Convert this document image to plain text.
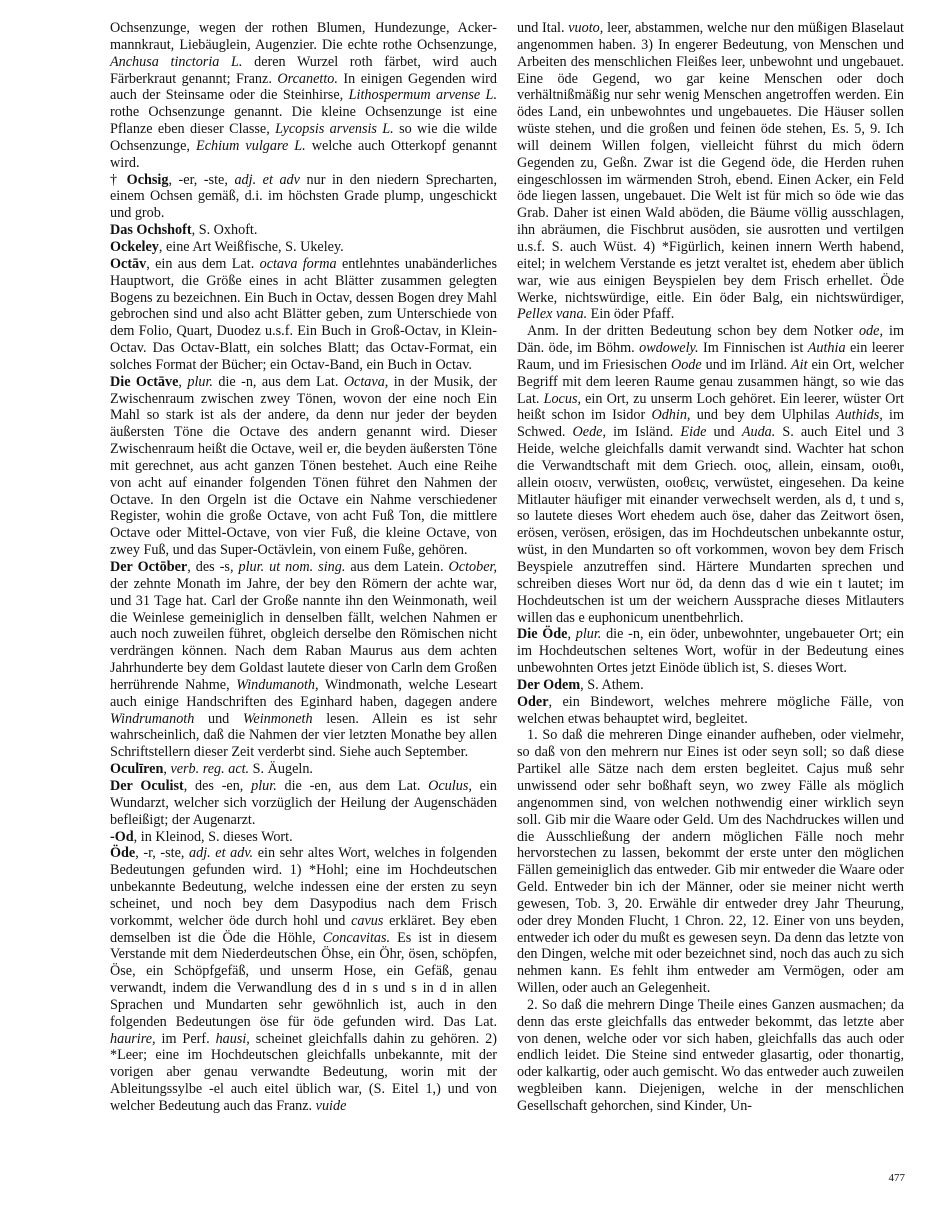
Ochsenzunge, wegen der rothen Blumen, Hundezunge, Ackermannkraut, Liebäuglein, Augenzier. Die echte rothe Ochsenzunge, Anchusa tinctoria L. deren Wurzel roth färbet, wird auch Färberkraut genannt; Franz. Orcanetto. In einigen Gegenden wird auch der Steinsame oder die Steinhirse, Lithospermum arvense L. rothe Ochsenzunge genannt. Die kleine Ochsenzunge ist eine Pflanze eben dieser Classe, Lycopsis arvensis L. so wie die wilde Ochsenzunge, Echium vulgare L. welche auch Otterkopf genannt wird.

† Ochsig, -er, -ste, adj. et adv nur in den niedern Sprecharten, einem Ochsen gemäß, d.i. im höchsten Grade plump, ungeschickt und grob.

Das Ochshoft, S. Oxhoft.

Ockeley, eine Art Weißfische, S. Ukeley.

Octāv, ein aus dem Lat. octava forma entlehntes unabänderliches Hauptwort, die Größe eines in acht Blätter zusammen gelegten Bogens zu bezeichnen. Ein Buch in Octav, dessen Bogen drey Mahl gebrochen sind und also acht Blätter geben, zum Unterschiede von dem Folio, Quart, Duodez u.s.f. Ein Buch in Groß-Octav, in Klein-Octav. Das Octav-Blatt, ein solches Blatt; das Octav-Format, ein solches Format der Bücher; ein Octav-Band, ein Buch in Octav.

Die Octāve, plur. die -n, aus dem Lat. Octava, in der Musik, der Zwischenraum zwischen zwey Tönen, wovon der eine noch Ein Mahl so stark ist als der andere, da denn nur jeder der beyden äußersten Töne die Octave des andern genannt wird. Dieser Zwischenraum heißt die Octave, weil er, die beyden äußersten Töne mit gerechnet, aus acht ganzen Tönen bestehet. Auch eine Reihe von acht auf einander folgenden Tönen führet den Nahmen der Octave. In den Orgeln ist die Octave ein Nahme verschiedener Register, wohin die große Octave, von acht Fuß Ton, die mittlere Octave oder Mittel-Octave, von vier Fuß, die kleine Octave, von zwey Fuß, und das Super-Octävlein, von einem Fuße, gehören.

Der Octōber, des -s, plur. ut nom. sing. aus dem Latein. October, der zehnte Monath im Jahre, der bey den Römern der achte war, und 31 Tage hat. Carl der Große nannte ihn den Weinmonath, weil die Weinlese gemeiniglich in denselben fällt, welchen Nahmen er auch noch zuweilen führet, obgleich derselbe den Römischen nicht verdrängen können. Nach dem Raban Maurus aus dem achten Jahrhunderte bey dem Goldast lautete dieser von Carln dem Großen herrührende Nahme, Windumanoth, Windmonath, welche Leseart auch einige Handschriften des Eginhard haben, dagegen andere Windrumanoth und Weinmoneth lesen. Allein es ist sehr wahrscheinlich, daß die Nahmen der vier letzten Monathe bey allen Schriftstellern dieser Zeit verderbt sind. Siehe auch September.

Oculīren, verb. reg. act. S. Äugeln.

Der Oculist, des -en, plur. die -en, aus dem Lat. Oculus, ein Wundarzt, welcher sich vorzüglich der Heilung der Augenschäden befleißigt; der Augenarzt.

-Od, in Kleinod, S. dieses Wort.

Öde, -r, -ste, adj. et adv. ein sehr altes Wort, welches in folgenden Bedeutungen gefunden wird. 1) *Hohl; eine im Hochdeutschen unbekannte Bedeutung, welche indessen eine der ersten zu seyn scheinet, und noch bey dem Dasypodius nach dem Frisch vorkommt, welcher öde durch hohl und cavus erkläret. Bey eben demselben ist die Öde die Höhle, Concavitas. Es ist in diesem Verstande mit dem Niederdeutschen Öhse, ein Öhr, ösen, schöpfen, Öse, ein Schöpfgefäß, und unserm Hose, ein Gefäß, genau verwandt, indem die Verwandlung des d in s und s in d in allen Sprachen und Mundarten sehr gewöhnlich ist, auch in den folgenden Bedeutungen öse für öde gefunden wird. Das Lat. haurire, im Perf. hausi, scheinet gleichfalls dahin zu gehören. 2) *Leer; eine im Hochdeutschen gleichfalls unbekannte, mit der vorigen aber genau verwandte Bedeutung, worin mit der Ableitungssylbe -el auch eitel üblich war, (S. Eitel 1,) und von welcher Bedeutung auch das Franz. vuide

und Ital. vuoto, leer, abstammen, welche nur den müßigen Blaselaut angenommen haben. 3) In engerer Bedeutung, von Menschen und Arbeiten des menschlichen Fleißes leer, unbewohnt und ungebauet. Eine öde Gegend, wo gar keine Menschen oder doch verhältnißmäßig nur sehr wenig Menschen angetroffen werden. Ein ödes Land, ein unbewohntes und ungebauetes. Die Häuser sollen wüste stehen, und die großen und feinen öde stehen, Es. 5, 9. Ich will deinem Willen folgen, vielleicht führst du mich ödern Gegenden zu, Geßn. Zwar ist die Gegend öde, die Herden ruhen eingeschlossen im wärmenden Stroh, ebend. Einen Acker, ein Feld öde liegen lassen, ungebauet. Die Welt ist für mich so öde wie das Grab. Daher ist einen Wald aböden, die Bäume völlig ausschlagen, ihn abräumen, die Fischbrut ausöden, sie ausrotten und vertilgen u.s.f. S. auch Wüst. 4) *Figürlich, keinen innern Werth habend, eitel; in welchem Verstande es jetzt veraltet ist, ehedem aber üblich war, wie aus einigen Beyspielen bey dem Frisch erhellet. Öde Werke, nichtswürdige, eitle. Ein öder Balg, ein nichtswürdiger, Pellex vana. Ein öder Pfaff.

Anm. In der dritten Bedeutung schon bey dem Notker ode, im Dän. öde, im Böhm. owdowely. Im Finnischen ist Authia ein leerer Raum, und im Friesischen Oode und im Irländ. Ait ein Ort, welcher Begriff mit dem leeren Raume genau zusammen hängt, so wie das Lat. Locus, ein Ort, zu unserm Loch gehöret. Ein leerer, wüster Ort heißt schon im Isidor Odhin, und bey dem Ulphilas Authids, im Schwed. Oede, im Isländ. Eide und Auda. S. auch Eitel und 3 Heide, welche gleichfalls damit verwandt sind. Wachter hat schon die Verwandtschaft mit dem Griech. οιος, allein, einsam, οιοθι, allein οιοειν, verwüsten, οιοθεις, verwüstet, eingesehen. Da keine Mitlauter häufiger mit einander verwechselt werden, als d, t und s, so lautete dieses Wort ehedem auch öse, daher das Zeitwort ösen, erösen, verösen, erösigen, das im Hochdeutschen unbekannte ostur, wüst, in den Mundarten so oft vorkommen, wovon bey dem Frisch Beyspiele anzutreffen sind. Härtere Mundarten sprechen und schreiben dieses Wort nur öd, da denn das d wie ein t lautet; im Hochdeutschen ist um der weichern Aussprache dieses Mitlauters willen das e euphonicum unentbehrlich.

Die Öde, plur. die -n, ein öder, unbewohnter, ungebaueter Ort; ein im Hochdeutschen seltenes Wort, wofür in der Bedeutung eines unbewohnten Ortes jetzt Einöde üblich ist, S. dieses Wort.

Der Odem, S. Athem.

Oder, ein Bindewort, welches mehrere mögliche Fälle, von welchen etwas behauptet wird, begleitet.

1. So daß die mehreren Dinge einander aufheben, oder vielmehr, so daß von den mehrern nur Eines ist oder seyn soll; so daß diese Partikel alle Sätze nach dem ersten begleitet. Cajus muß sehr unwissend oder sehr boßhaft seyn, wo zwey Fälle als möglich angenommen sind, von welchen nothwendig einer wirklich seyn soll. Gib mir die Waare oder Geld. Um des Nachdruckes willen und die Ausschließung der andern möglichen Fälle noch mehr hervorstechen zu lassen, bekommt der erste unter den möglichen Fällen gemeiniglich das entweder. Gib mir entweder die Waare oder Geld. Entweder bin ich der Männer, oder sie meiner nicht werth gewesen, Tob. 3, 20. Erwähle dir entweder drey Jahr Theurung, oder drey Monden Flucht, 1 Chron. 22, 12. Einer von uns beyden, entweder ich oder du mußt es gewesen seyn. Da denn das letzte von den Dingen, welche mit oder bezeichnet sind, noch das auch zu sich nehmen kann. Es fehlt ihm entweder am Vermögen, oder am Willen, oder auch an Gelegenheit.

2. So daß die mehrern Dinge Theile eines Ganzen ausmachen; da denn das erste gleichfalls das entweder bekommt, das letzte aber von denen, welche oder vor sich haben, gleichfalls das auch oder endlich leidet. Die Steine sind entweder glasartig, oder thonartig, oder kalkartig, oder auch gemischt. Wo das entweder auch zuweilen wegbleiben kann. Diejenigen, welche in der menschlichen Gesellschaft gehorchen, sind Kinder, Un-

477
